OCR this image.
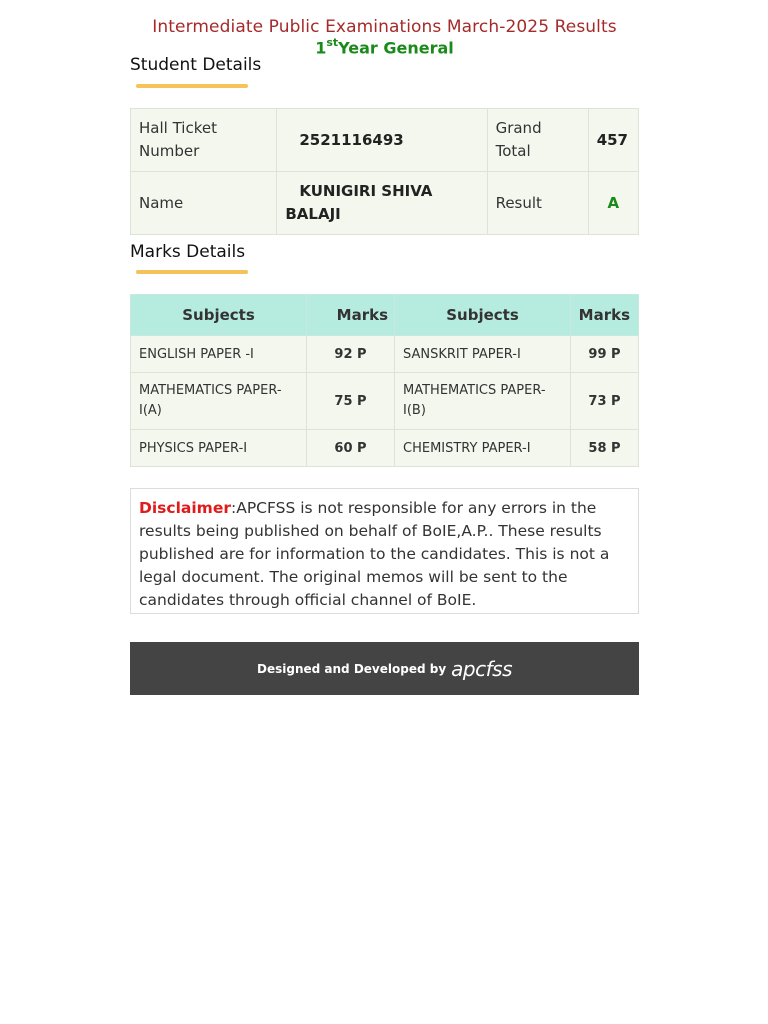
Intermediate Public Examinations March-2025 Results
1stYear General
Student Details
Hall Ticket Number	2521116493	Grand Total	457
Name	KUNIGIRI SHIVA BALAJI	Result	A
Marks Details
Subjects	Marks	Subjects	Marks
ENGLISH PAPER -I	92 P	SANSKRIT PAPER-I	99 P
MATHEMATICS PAPER-I(A)	75 P	MATHEMATICS PAPER-I(B)	73 P
PHYSICS PAPER-I	60 P	CHEMISTRY PAPER-I	58 P
Disclaimer:APCFSS is not responsible for any errors in the results being published on behalf of BoIE,A.P.. These results published are for information to the candidates. This is not a legal document. The original memos will be sent to the candidates through official channel of BoIE.
Designed and Developed by apcfss
